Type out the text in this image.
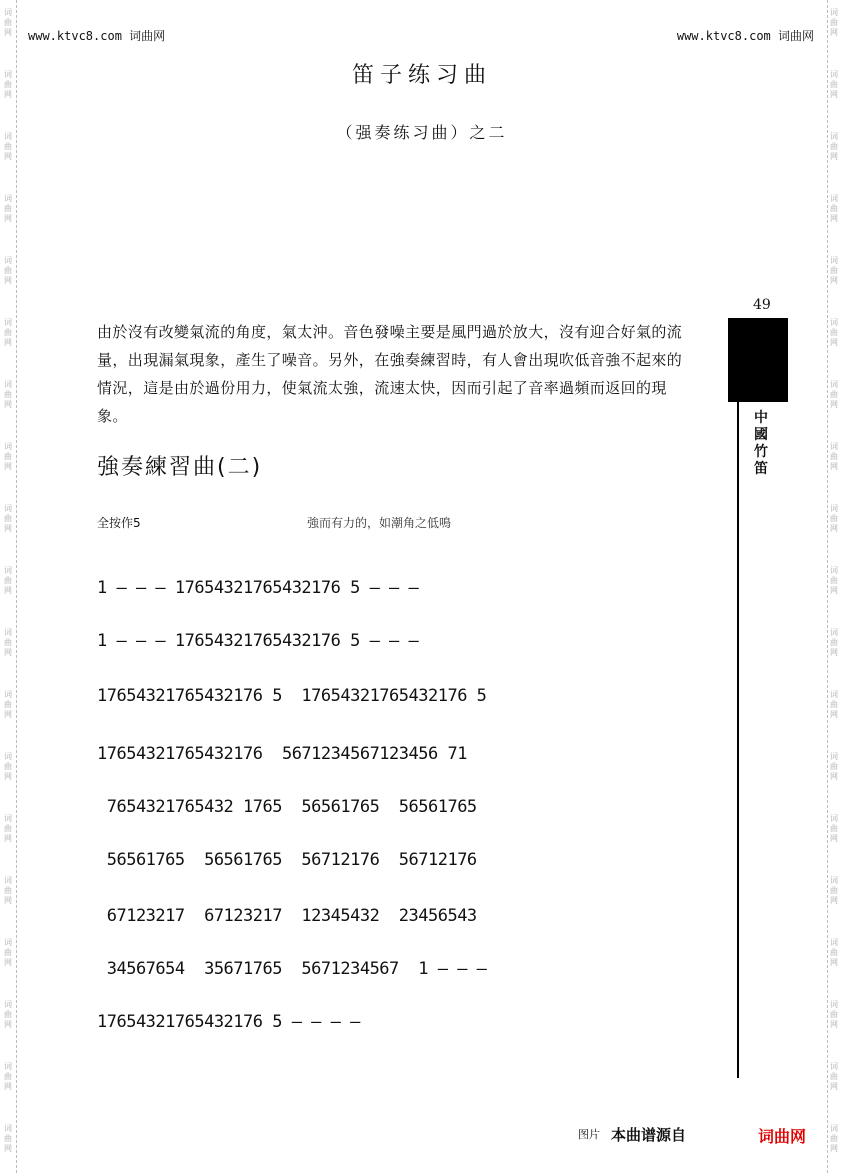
词
曲
网
词
曲
网
词
曲
网
词
曲
网
词
曲
网
词
曲
网
词
曲
网
词
曲
网
词
曲
网
词
曲
网
词
曲
网
词
曲
网
词
曲
网
词
曲
网
词
曲
网
词
曲
网
词
曲
网
词
曲
网
词
曲
网
词
曲
网
词
曲
网
词
曲
网
词
曲
网
词
曲
网
词
曲
网
词
曲
网
词
曲
网
词
曲
网
词
曲
网
词
曲
网
词
曲
网
词
曲
网
词
曲
网
词
曲
网
词
曲
网
词
曲
网
词
曲
网
词
曲
网
www.ktvc8.com 词曲网	www.ktvc8.com 词曲网
笛子练习曲
（强奏练习曲）之二
49
中國竹笛
由於沒有改變氣流的角度，氣太沖。音色發噪主要是風門過於放大，沒有迎合好氣的流量，出現漏氣現象，產生了噪音。另外，在強奏練習時，有人會出現吹低音強不起來的情況，這是由於過份用力，使氣流太強，流速太快，因而引起了音率過頻而返回的現象。
強奏練習曲(二)
全按作5	強而有力的，如潮角之低鳴
1 — — — 17654321765432176 5 — — —
1 — — — 17654321765432176 5 — — —
17654321765432176 5  17654321765432176 5
17654321765432176  5671234567123456 71
7654321765432 1765  56561765  56561765
56561765  56561765  56712176  56712176
67123217  67123217  12345432  23456543
34567654  35671765  5671234567  1 — — —
17654321765432176 5 — — — —
图片 本曲谱源自	词曲网
